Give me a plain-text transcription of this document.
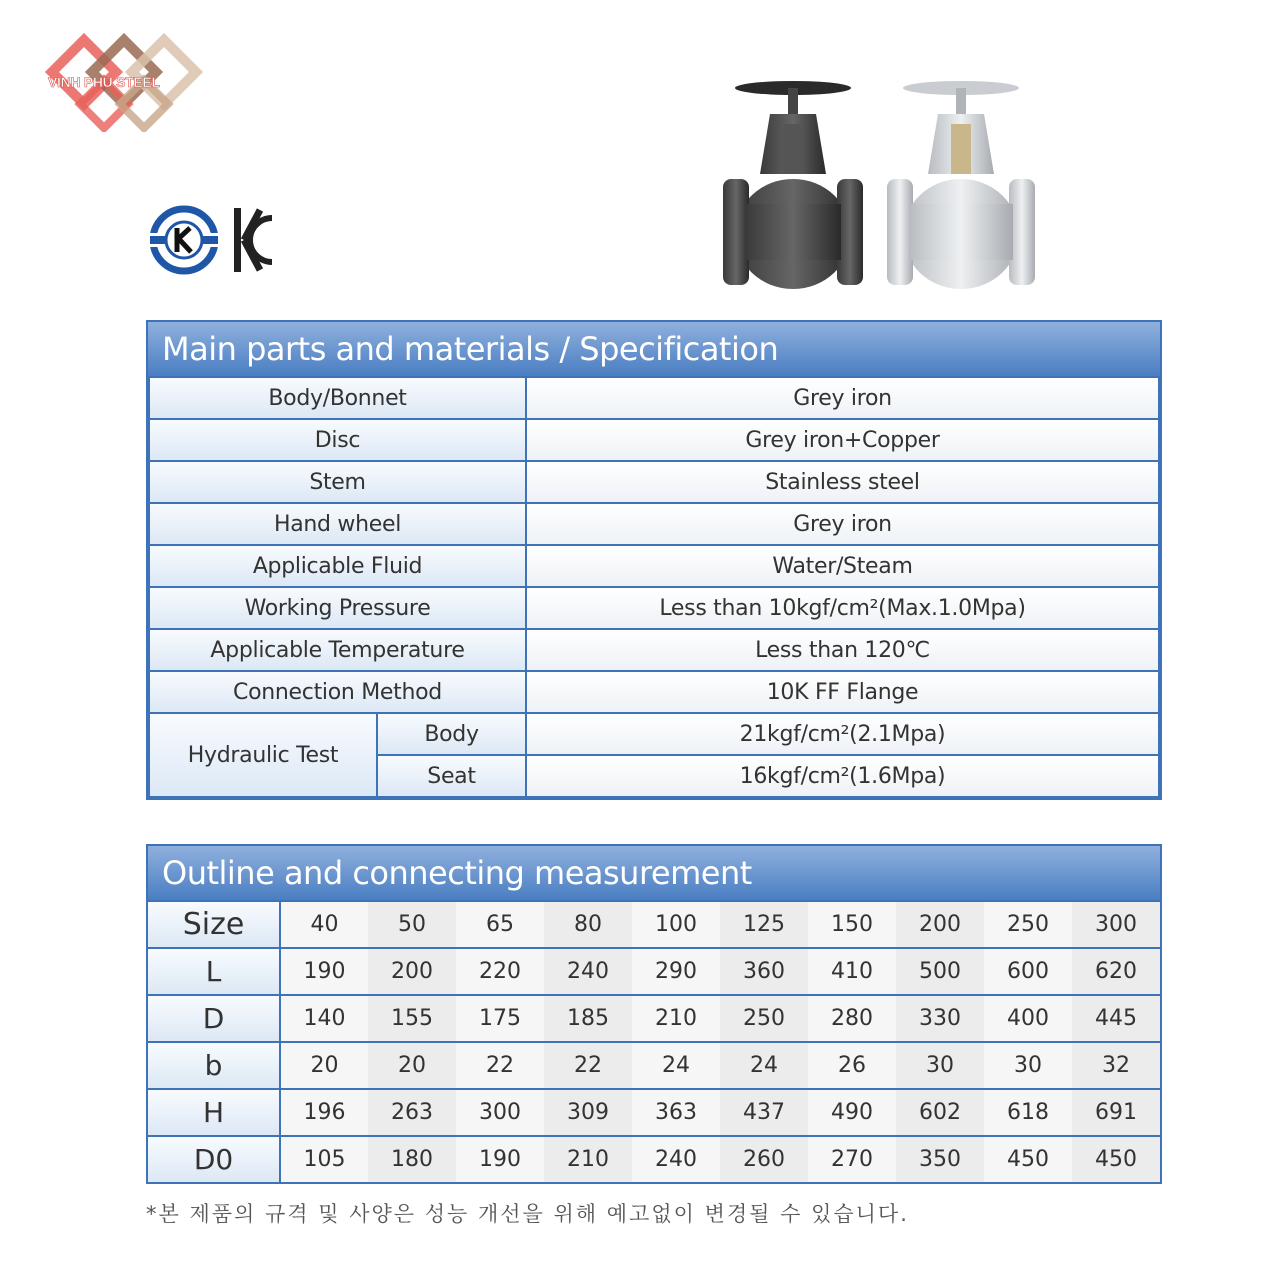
VINH PHU STEEL
Main parts and materials / Specification
Body/Bonnet		Grey iron
Disc		Grey iron+Copper
Stem		Stainless steel
Hand wheel		Grey iron
Applicable Fluid		Water/Steam
Working Pressure		Less than 10kgf/cm²(Max.1.0Mpa)
Applicable Temperature		Less than 120℃
Connection Method		10K FF Flange
Hydraulic Test	Body	21kgf/cm²(2.1Mpa)
	Seat	16kgf/cm²(1.6Mpa)
Outline and connecting measurement
Size	40	50	65	80	100	125	150	200	250	300
L	190	200	220	240	290	360	410	500	600	620
D	140	155	175	185	210	250	280	330	400	445
b	20	20	22	22	24	24	26	30	30	32
H	196	263	300	309	363	437	490	602	618	691
D0	105	180	190	210	240	260	270	350	450	450
*본 제품의 규격 및 사양은 성능 개선을 위해 예고없이 변경될 수 있습니다.
